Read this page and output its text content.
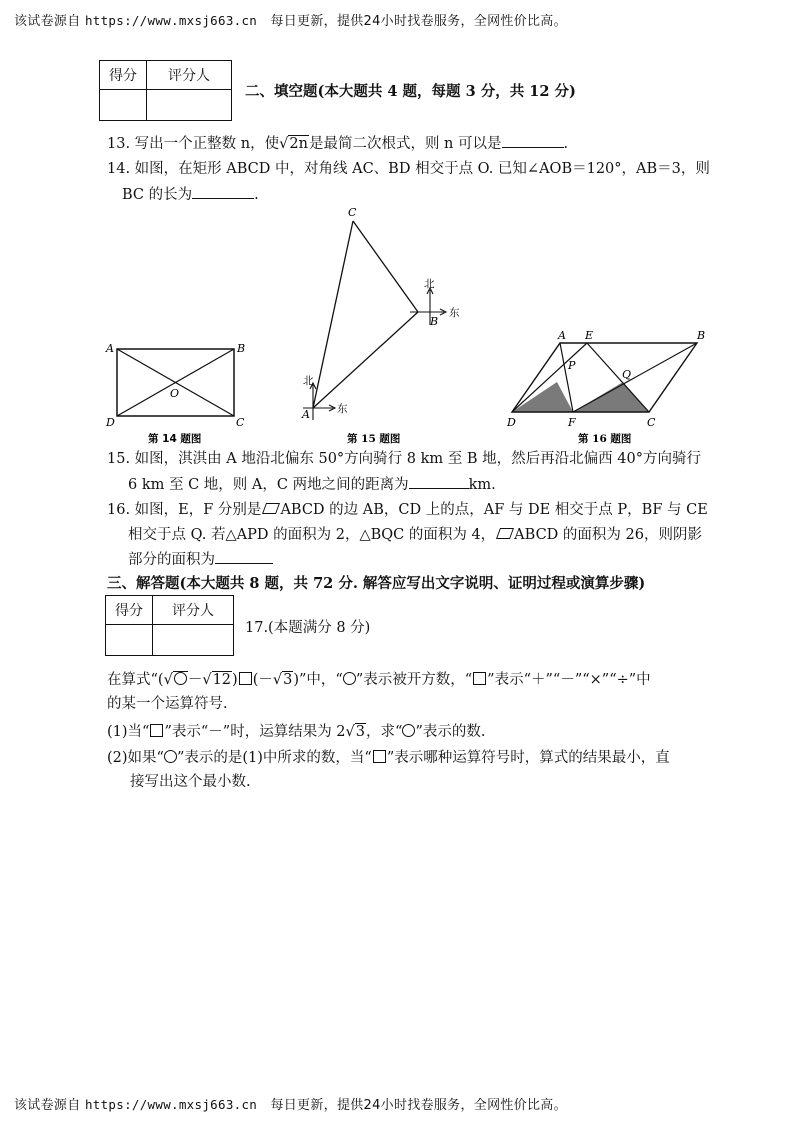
该试卷源自 https://www.mxsj663.cn 每日更新，提供24小时找卷服务，全网性价比高。
得分	评分人

二、填空题(本大题共 4 题，每题 3 分，共 12 分)
13. 写出一个正整数 n，使√2n是最简二次根式，则 n 可以是	.
14. 如图，在矩形 ABCD 中，对角线 AC、BD 相交于点 O. 已知∠AOB＝120°，AB＝3，则
BC 的长为	.
A	B
C
D
O
第 14 题图
北
东
北
东
C
B
A
第 15 题图
A E	B
P
Q
D	F	C
第 16 题图
15. 如图，淇淇由 A 地沿北偏东 50°方向骑行 8 km 至 B 地，然后再沿北偏西 40°方向骑行
6 km 至 C 地，则 A，C 两地之间的距离为	km.
16. 如图，E，F 分别是 ABCD 的边 AB，CD 上的点，AF 与 DE 相交于点 P，BF 与 CE
相交于点 Q. 若△APD 的面积为 2，△BQC 的面积为 4， ABCD 的面积为 26，则阴影
部分的面积为
三、解答题(本大题共 8 题，共 72 分. 解答应写出文字说明、证明过程或演算步骤)
得分	评分人

17.(本题满分 8 分)
在算式“(√ －√12) (－√3)”中，“ ”表示被开方数，“ ”表示“＋”“－”“×”“÷”中
的某一个运算符号.
(1)当“ ”表示“－”时，运算结果为 2√3，求“ ”表示的数.
(2)如果“ ”表示的是(1)中所求的数，当“ ”表示哪种运算符号时，算式的结果最小，直
接写出这个最小数.
该试卷源自 https://www.mxsj663.cn 每日更新，提供24小时找卷服务，全网性价比高。
